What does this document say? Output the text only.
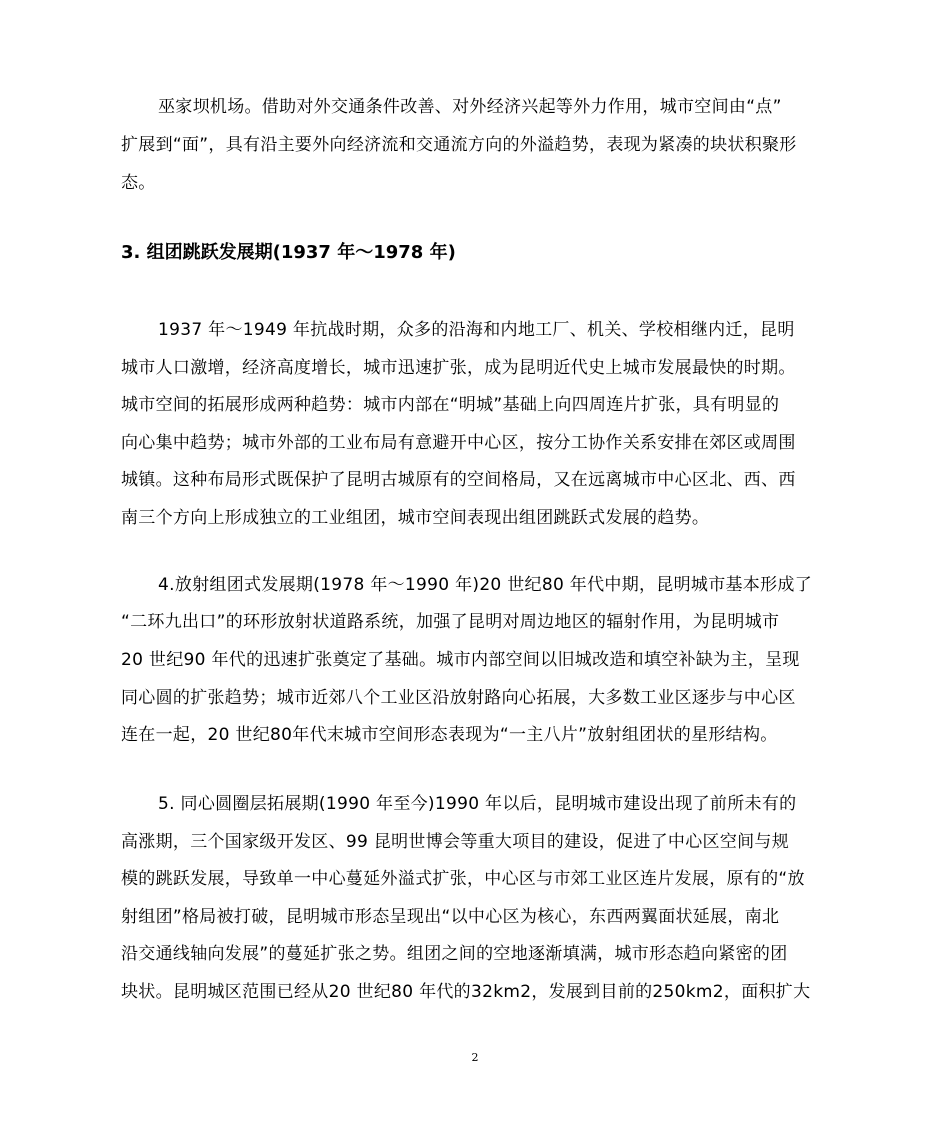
巫家坝机场。借助对外交通条件改善、对外经济兴起等外力作用，城市空间由“点”
扩展到“面”，具有沿主要外向经济流和交通流方向的外溢趋势，表现为紧凑的块状积聚形
态。
3. 组团跳跃发展期(1937 年～1978 年)
1937 年～1949 年抗战时期，众多的沿海和内地工厂、机关、学校相继内迁，昆明
城市人口激增，经济高度增长，城市迅速扩张，成为昆明近代史上城市发展最快的时期。
城市空间的拓展形成两种趋势：城市内部在“明城”基础上向四周连片扩张，具有明显的
向心集中趋势；城市外部的工业布局有意避开中心区，按分工协作关系安排在郊区或周围
城镇。这种布局形式既保护了昆明古城原有的空间格局，又在远离城市中心区北、西、西
南三个方向上形成独立的工业组团，城市空间表现出组团跳跃式发展的趋势。
4.放射组团式发展期(1978 年～1990 年)20 世纪80 年代中期，昆明城市基本形成了
“二环九出口”的环形放射状道路系统，加强了昆明对周边地区的辐射作用，为昆明城市
20 世纪90 年代的迅速扩张奠定了基础。城市内部空间以旧城改造和填空补缺为主，呈现
同心圆的扩张趋势；城市近郊八个工业区沿放射路向心拓展，大多数工业区逐步与中心区
连在一起，20 世纪80年代末城市空间形态表现为“一主八片”放射组团状的星形结构。
5. 同心圆圈层拓展期(1990 年至今)1990 年以后，昆明城市建设出现了前所未有的
高涨期，三个国家级开发区、99 昆明世博会等重大项目的建设，促进了中心区空间与规
模的跳跃发展，导致单一中心蔓延外溢式扩张，中心区与市郊工业区连片发展，原有的“放
射组团”格局被打破，昆明城市形态呈现出“以中心区为核心，东西两翼面状延展，南北
沿交通线轴向发展”的蔓延扩张之势。组团之间的空地逐渐填满，城市形态趋向紧密的团
块状。昆明城区范围已经从20 世纪80 年代的32km2，发展到目前的250km2，面积扩大
2
